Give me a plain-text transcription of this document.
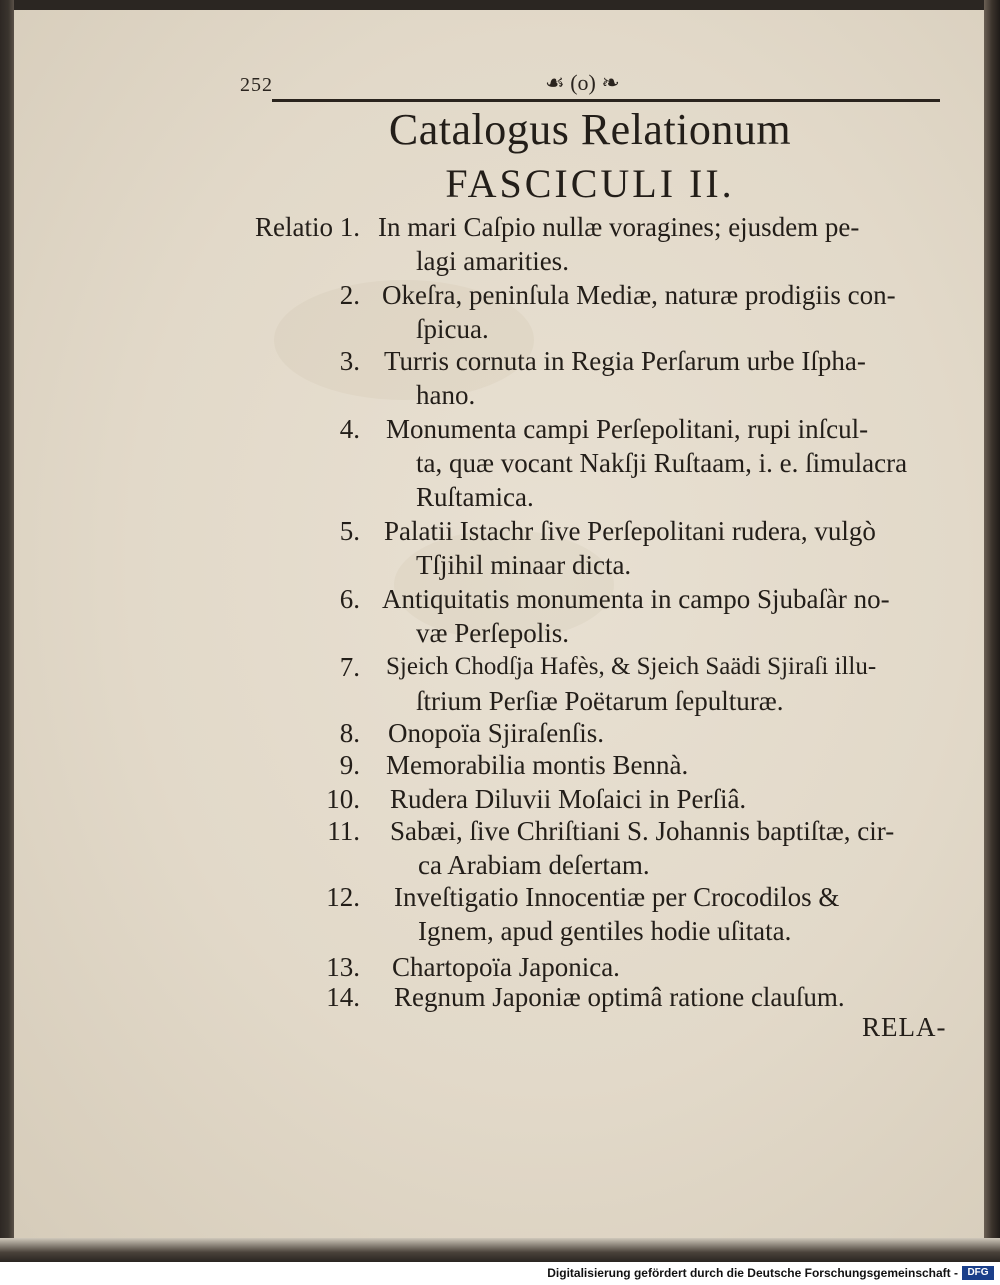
252	☙ (o) ❧
Catalogus Relationum
FASCICULI II.
Relatio 1. In mari Caſpio nullæ voragines; ejusdem pe-
lagi amarities.
2. Okeſra, peninſula Mediæ, naturæ prodigiis con-
ſpicua.
3. Turris cornuta in Regia Perſarum urbe Iſpha-
hano.
4. Monumenta campi Perſepolitani, rupi inſcul-
ta, quæ vocant Nakſji Ruſtaam, i. e. ſimulacra
Ruſtamica.
5. Palatii Istachr ſive Perſepolitani rudera, vulgò
Tſjihil minaar dicta.
6. Antiquitatis monumenta in campo Sjubaſàr no-
væ Perſepolis.
7. Sjeich Chodſja Hafès, & Sjeich Saädi Sjiraſi illu-
ſtrium Perſiæ Poëtarum ſepulturæ.
8. Onopoïa Sjiraſenſis.
9. Memorabilia montis Bennà.
10. Rudera Diluvii Moſaici in Perſiâ.
11. Sabæi, ſive Chriſtiani S. Johannis baptiſtæ, cir-
ca Arabiam deſertam.
12. Inveſtigatio Innocentiæ per Crocodilos &
Ignem, apud gentiles hodie uſitata.
13. Chartopoïa Japonica.
14. Regnum Japoniæ optimâ ratione clauſum.
RELA-
Digitalisierung gefördert durch die Deutsche Forschungsgemeinschaft - DFG
